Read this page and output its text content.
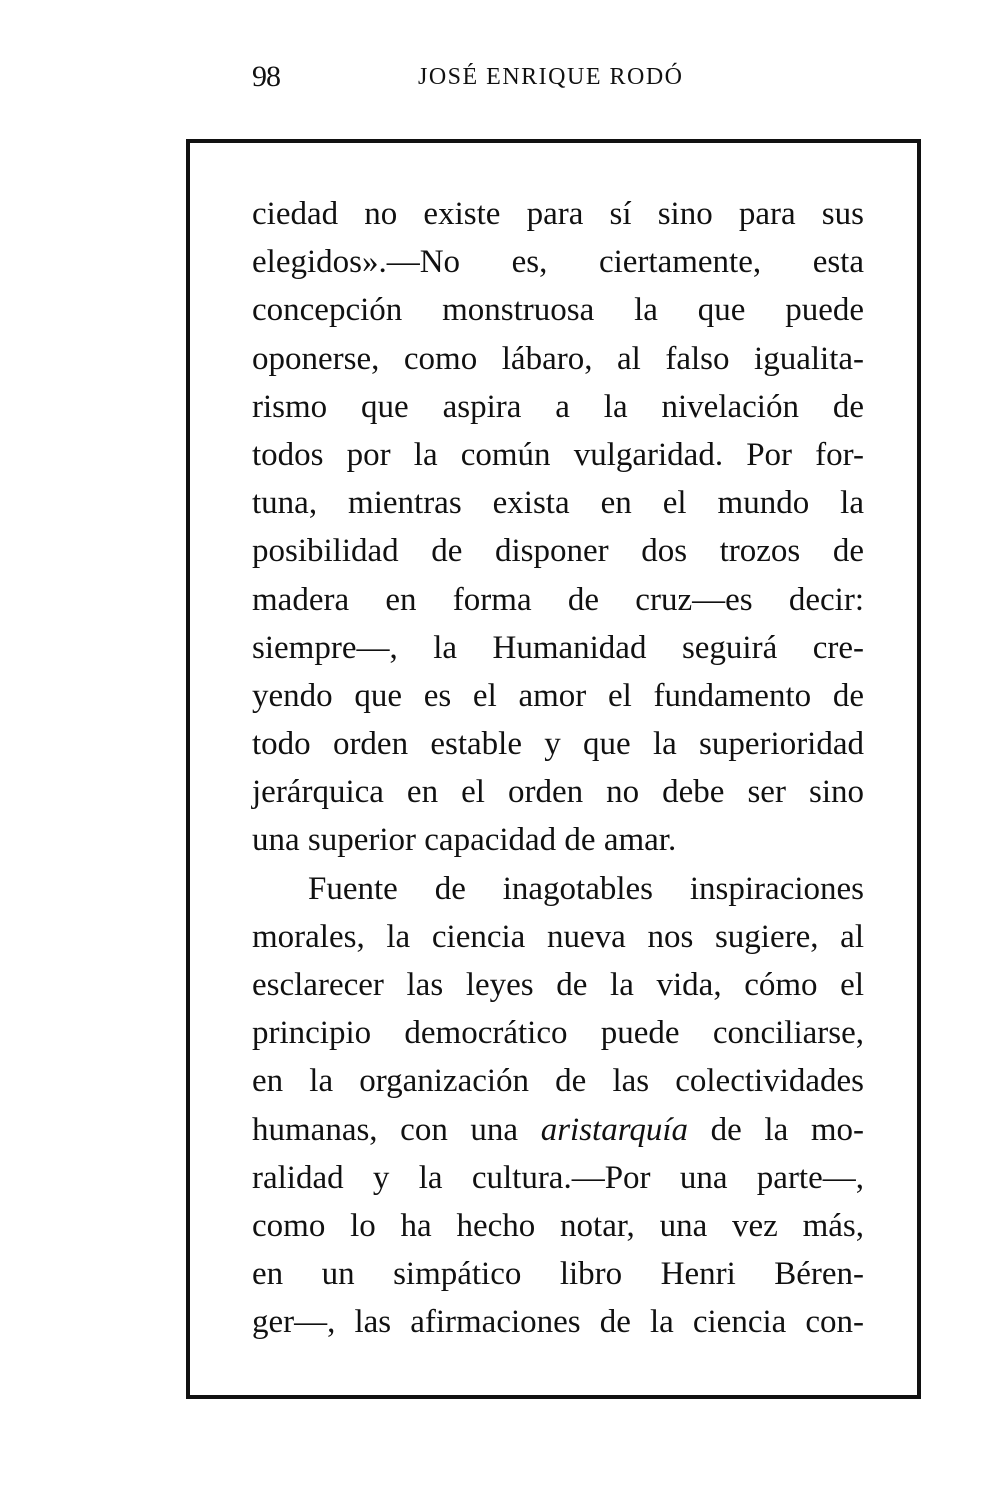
98	JOSÉ ENRIQUE RODÓ
ciedad no existe para sí sino para sus
elegidos».—No es, ciertamente, esta
concepción monstruosa la que puede
oponerse, como lábaro, al falso igualita-
rismo que aspira a la nivelación de
todos por la común vulgaridad. Por for-
tuna, mientras exista en el mundo la
posibilidad de disponer dos trozos de
madera en forma de cruz—es decir:
siempre—, la Humanidad seguirá cre-
yendo que es el amor el fundamento de
todo orden estable y que la superioridad
jerárquica en el orden no debe ser sino
una superior capacidad de amar.
Fuente de inagotables inspiraciones
morales, la ciencia nueva nos sugiere, al
esclarecer las leyes de la vida, cómo el
principio democrático puede conciliarse,
en la organización de las colectividades
humanas, con una aristarquía de la mo-
ralidad y la cultura.—Por una parte—,
como lo ha hecho notar, una vez más,
en un simpático libro Henri Béren-
ger—, las afirmaciones de la ciencia con-
